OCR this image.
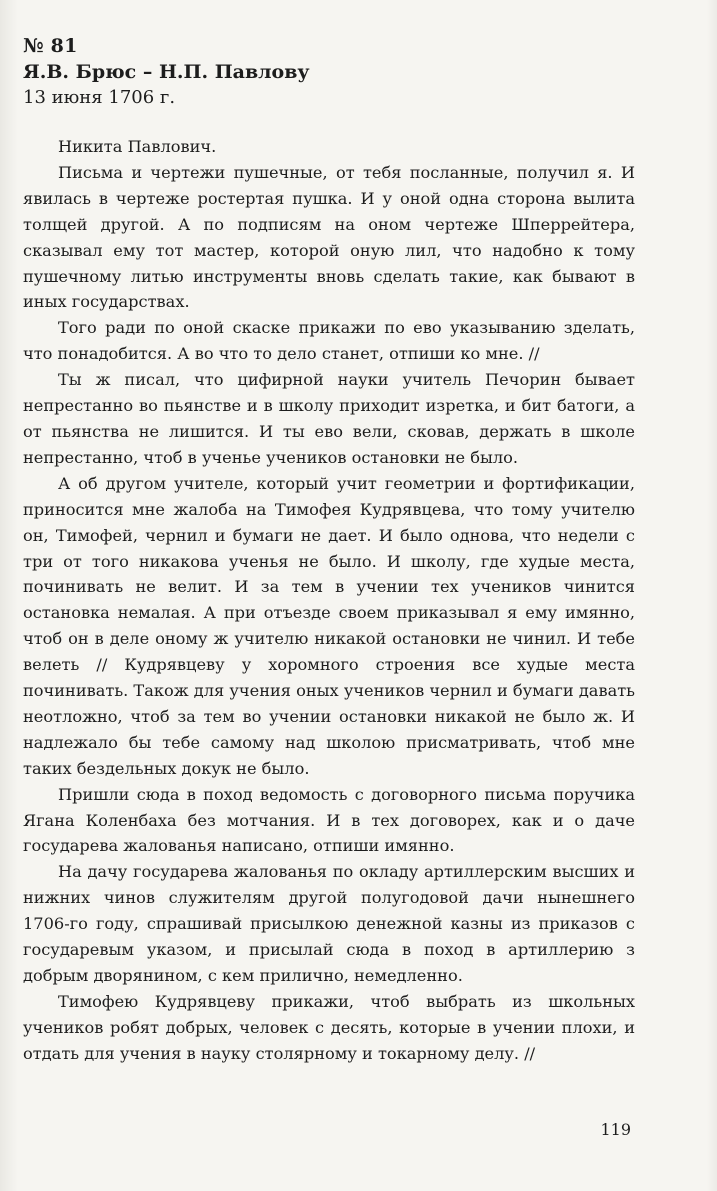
№ 81
Я.В. Брюс – Н.П. Павлову
13 июня 1706 г.

Никита Павлович.

Письма и чертежи пушечные, от тебя посланные, получил я. И явилась в чертеже ростертая пушка. И у оной одна сторона вылита толщей другой. А по подписям на оном чертеже Шперрейтера, сказывал ему тот мастер, которой оную лил, что надобно к тому пушечному литью инструменты вновь сделать такие, как бывают в иных государствах.

Того ради по оной скаске прикажи по ево указыванию зделать, что понадобится. А во что то дело станет, отпиши ко мне. //

Ты ж писал, что цифирной науки учитель Печорин бывает непрестанно во пьянстве и в школу приходит изретка, и бит батоги, а от пьянства не лишится. И ты ево вели, сковав, держать в школе непрестанно, чтоб в ученье учеников остановки не было.

А об другом учителе, который учит геометрии и фортификации, приносится мне жалоба на Тимофея Кудрявцева, что тому учителю он, Тимофей, чернил и бумаги не дает. И было однова, что недели с три от того никакова ученья не было. И школу, где худые места, починивать не велит. И за тем в учении тех учеников чинится остановка немалая. А при отъезде своем приказывал я ему имянно, чтоб он в деле оному ж учителю никакой остановки не чинил. И тебе велеть // Кудрявцеву у хоромного строения все худые места починивать. Також для учения оных учеников чернил и бумаги давать неотложно, чтоб за тем во учении остановки никакой не было ж. И надлежало бы тебе самому над школою присматривать, чтоб мне таких бездельных докук не было.

Пришли сюда в поход ведомость с договорного письма поручика Ягана Коленбаха без мотчания. И в тех договорех, как и о даче государева жалованья написано, отпиши имянно.

На дачу государева жалованья по окладу артиллерским высших и нижних чинов служителям другой полугодовой дачи нынешнего 1706-го году, спрашивай присылкою денежной казны из приказов с государевым указом, и присылай сюда в поход в артиллерию з добрым дворянином, с кем прилично, немедленно.

Тимофею Кудрявцеву прикажи, чтоб выбрать из школьных учеников робят добрых, человек с десять, которые в учении плохи, и отдать для учения в науку столярному и токарному делу. //

119
